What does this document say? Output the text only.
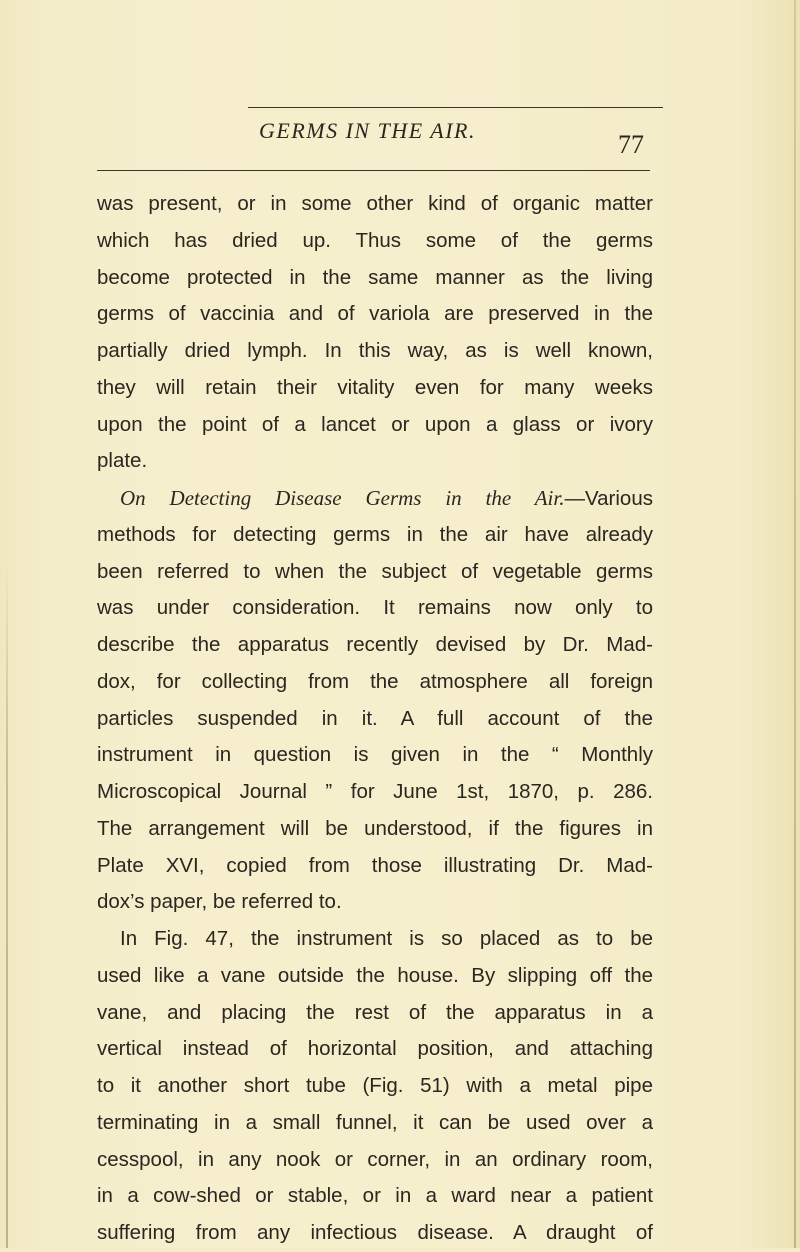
GERMS IN THE AIR.	77
was present, or in some other kind of organic matter
which has dried up. Thus some of the germs
become protected in the same manner as the living
germs of vaccinia and of variola are preserved in the
partially dried lymph. In this way, as is well known,
they will retain their vitality even for many weeks
upon the point of a lancet or upon a glass or ivory
plate.
On Detecting Disease Germs in the Air.—Various
methods for detecting germs in the air have already
been referred to when the subject of vegetable germs
was under consideration. It remains now only to
describe the apparatus recently devised by Dr. Mad-
dox, for collecting from the atmosphere all foreign
particles suspended in it. A full account of the
instrument in question is given in the “ Monthly
Microscopical Journal ” for June 1st, 1870, p. 286.
The arrangement will be understood, if the figures in
Plate XVI, copied from those illustrating Dr. Mad-
dox’s paper, be referred to.
In Fig. 47, the instrument is so placed as to be
used like a vane outside the house. By slipping off the
vane, and placing the rest of the apparatus in a
vertical instead of horizontal position, and attaching
to it another short tube (Fig. 51) with a metal pipe
terminating in a small funnel, it can be used over a
cesspool, in any nook or corner, in an ordinary room,
in a cow-shed or stable, or in a ward near a patient
suffering from any infectious disease. A draught of
